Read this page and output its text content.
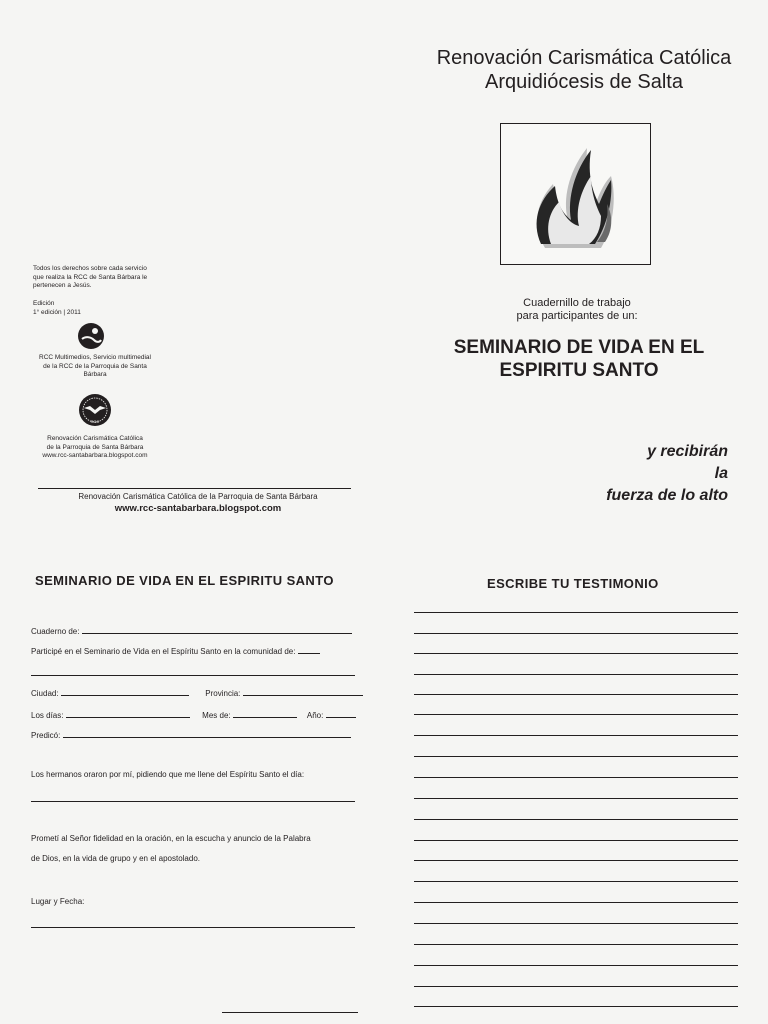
Renovación Carismática Católica
Arquidiócesis de Salta
Cuadernillo de trabajo
para participantes de un:
SEMINARIO DE VIDA EN EL
ESPIRITU SANTO
y recibirán
la
fuerza de lo alto
Todos los derechos sobre cada servicio
que realiza la RCC de Santa Bárbara le
pertenecen a Jesús.
Edición
1° edición | 2011
RCC Multimedios, Servicio multimedial
de la RCC de la Parroquia de Santa
Bárbara
RCC
Renovación Carismática Católica
de la Parroquia de Santa Bárbara
www.rcc-santabarbara.blogspot.com
Renovación Carismática Católica de la Parroquia de Santa Bárbara
www.rcc-santabarbara.blogspot.com
SEMINARIO DE VIDA EN EL ESPIRITU SANTO
Cuaderno de:
Participé en el Seminario de Vida en el Espíritu Santo en la comunidad de:
Ciudad:	Provincia:
Los días:	Mes de:	Año:
Predicó:
Los hermanos oraron por mí, pidiendo que me llene del Espíritu Santo el día:
Prometí al Señor fidelidad en la oración, en la escucha y anuncio de la Palabra
de Dios, en la vida de grupo y en el apostolado.
Lugar y Fecha:
ESCRIBE TU TESTIMONIO
